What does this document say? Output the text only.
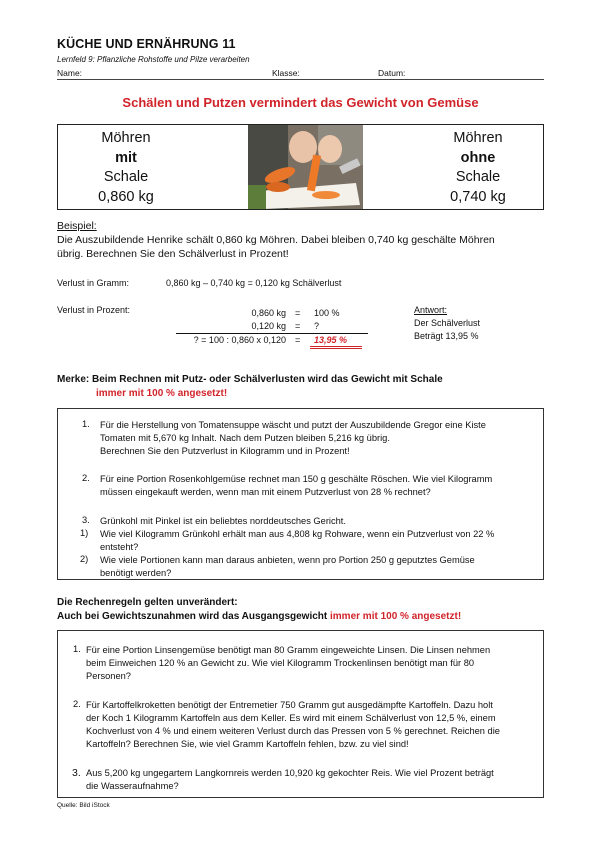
KÜCHE UND ERNÄHRUNG 11
Lernfeld 9: Pflanzliche Rohstoffe und Pilze verarbeiten
Name:	Klasse:	Datum:
Schälen und Putzen vermindert das Gewicht von Gemüse
Möhren
mit
Schale
0,860 kg
Möhren
ohne
Schale
0,740 kg
Beispiel:
Die Auszubildende Henrike schält 0,860 kg Möhren. Dabei bleiben 0,740 kg geschälte Möhren
übrig. Berechnen Sie den Schälverlust in Prozent!
Verlust in Gramm:	0,860 kg – 0,740 kg = 0,120 kg Schälverlust
Verlust in Prozent:	0,860 kg = 100 %
0,120 kg = ?
? = 100 : 0,860 x 0,120 = 13,95 %
Antwort:
Der Schälverlust
Beträgt 13,95 %
Merke: Beim Rechnen mit Putz- oder Schälverlusten wird das Gewicht mit Schale
immer mit 100 % angesetzt!
1. Für die Herstellung von Tomatensuppe wäscht und putzt der Auszubildende Gregor eine Kiste
Tomaten mit 5,670 kg Inhalt. Nach dem Putzen bleiben 5,216 kg übrig.
Berechnen Sie den Putzverlust in Kilogramm und in Prozent!
2. Für eine Portion Rosenkohlgemüse rechnet man 150 g geschälte Röschen. Wie viel Kilogramm
müssen eingekauft werden, wenn man mit einem Putzverlust von 28 % rechnet?
3. Grünkohl mit Pinkel ist ein beliebtes norddeutsches Gericht.
1) Wie viel Kilogramm Grünkohl erhält man aus 4,808 kg Rohware, wenn ein Putzverlust von 22 %
entsteht?
2) Wie viele Portionen kann man daraus anbieten, wenn pro Portion 250 g geputztes Gemüse
benötigt werden?
Die Rechenregeln gelten unverändert:
Auch bei Gewichtszunahmen wird das Ausgangsgewicht immer mit 100 % angesetzt!
1. Für eine Portion Linsengemüse benötigt man 80 Gramm eingeweichte Linsen. Die Linsen nehmen
beim Einweichen 120 % an Gewicht zu. Wie viel Kilogramm Trockenlinsen benötigt man für 80
Personen?
2. Für Kartoffelkroketten benötigt der Entremetier 750 Gramm gut ausgedämpfte Kartoffeln. Dazu holt
der Koch 1 Kilogramm Kartoffeln aus dem Keller. Es wird mit einem Schälverlust von 12,5 %, einem
Kochverlust von 4 % und einem weiteren Verlust durch das Pressen von 5 % gerechnet. Reichen die
Kartoffeln? Berechnen Sie, wie viel Gramm Kartoffeln fehlen, bzw. zu viel sind!
3. Aus 5,200 kg ungegartem Langkornreis werden 10,920 kg gekochter Reis. Wie viel Prozent beträgt
die Wasseraufnahme?
Quelle: Bild iStock
